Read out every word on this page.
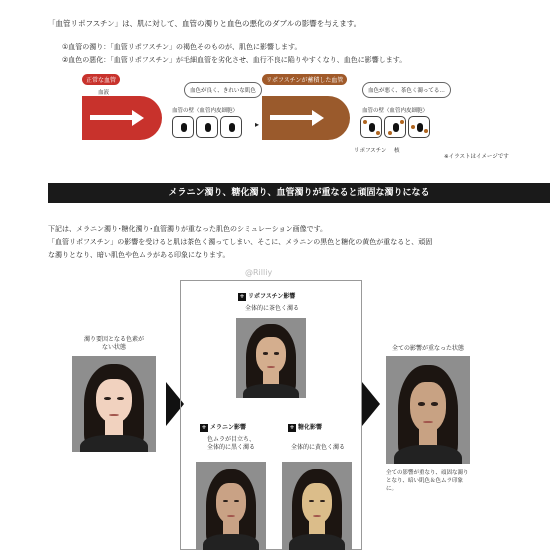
「血管リポフスチン」は、肌に対して、血管の濁りと血色の悪化のダブルの影響を与えます。
①血管の濁り：「血管リポフスチン」の褐色そのものが、肌色に影響します。
②血色の悪化：「血管リポフスチン」が毛細血管を劣化させ、血行不良に陥りやすくなり、血色に影響します。
正常な血管
血液	血色が良く、きれいな肌色
血管の壁（血管内皮細胞）
▸
リポフスチンが蓄積した血管
血色が悪く、茶色く濁ってる…
血管の壁（血管内皮細胞）
リポフスチン 核
※イラストはイメージです
メラニン濁り、糖化濁り、血管濁りが重なると頑固な濁りになる
下記は、メラニン濁り･糖化濁り･血管濁りが重なった肌色のシミュレーション画像です。
「血管リポフスチン」の影響を受けると肌は茶色く濁ってしまい、そこに、メラニンの黒色と糖化の黄色が重なると、頑固
な濁りとなり、暗い肌色や色ムラがある印象になります。
@Rilliy
濁り要因となる色素が
ない状態
+ リポフスチン影響
全体的に茶色く濁る
+ メラニン影響
色ムラが目立ち、
全体的に黒く濁る
+ 糖化影響
全体的に黄色く濁る
全ての影響が重なった状態
全ての影響が重なり、頑固な濁りとなり、暗い肌色＆色ムラ印象に。
